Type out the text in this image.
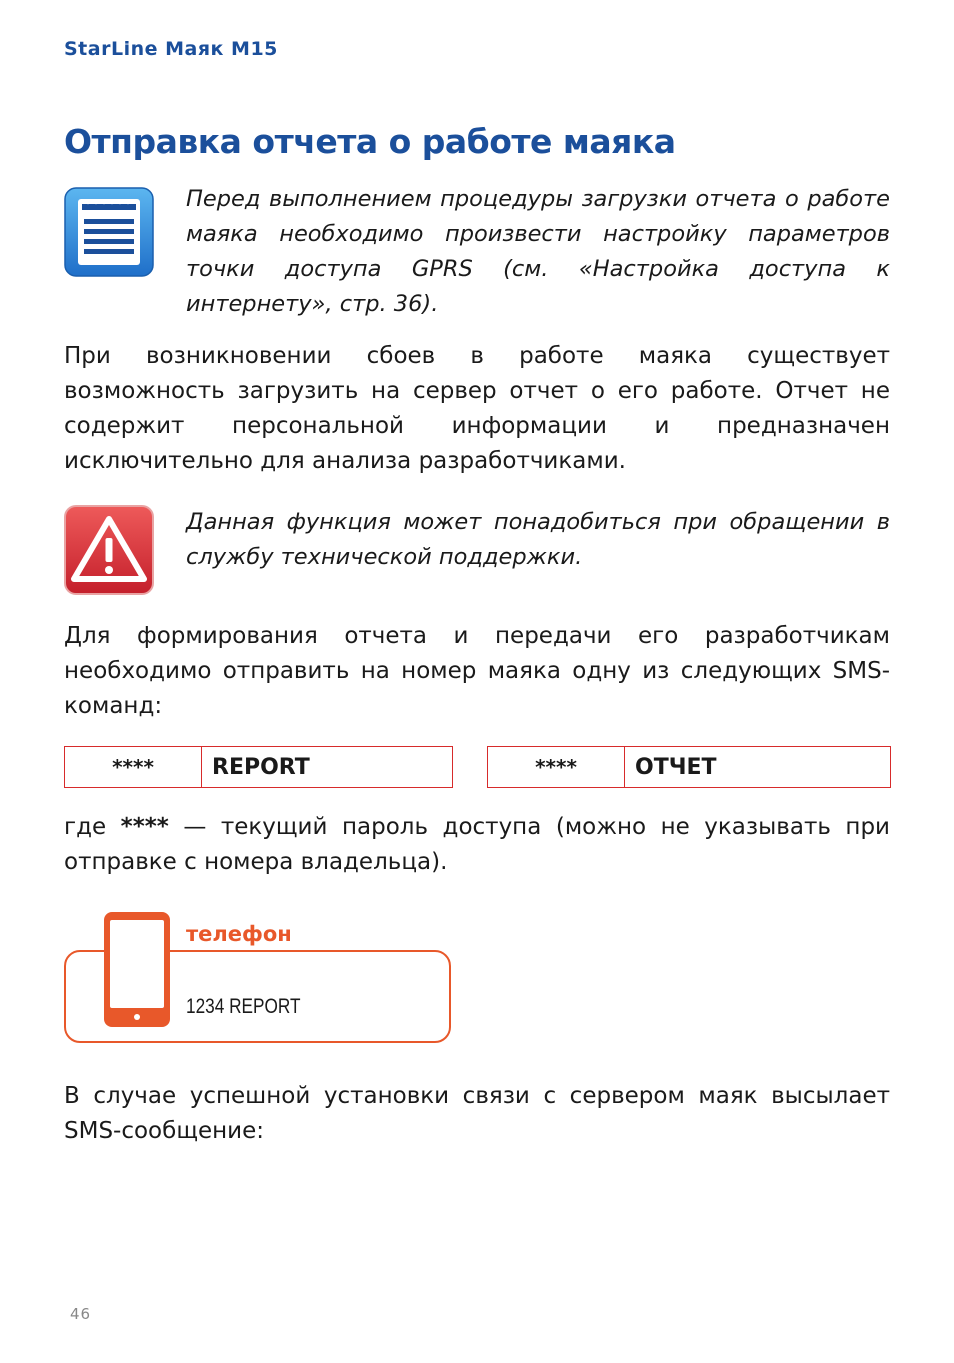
StarLine Маяк M15
Отправка отчета о работе маяка

Перед выполнением процедуры загрузки отчета о работе маяка необходимо произвести настройку параметров точки доступа GPRS (см. «Настройка доступа к интернету», стр. 36).

При возникновении сбоев в работе маяка существует возможность загрузить на сервер отчет о его работе. Отчет не содержит персональной информации и предназначен исключительно для анализа разработчиками.

Данная функция может понадобиться при обращении в службу технической поддержки.

Для формирования отчета и передачи его разработчикам необходимо отправить на номер маяка одну из следующих SMS-команд:

****	REPORT	****	ОТЧЕТ

где **** — текущий пароль доступа (можно не указывать при отправке с номера владельца).

телефон
1234 REPORT

В случае успешной установки связи с сервером маяк высылает SMS-сообщение:

46
